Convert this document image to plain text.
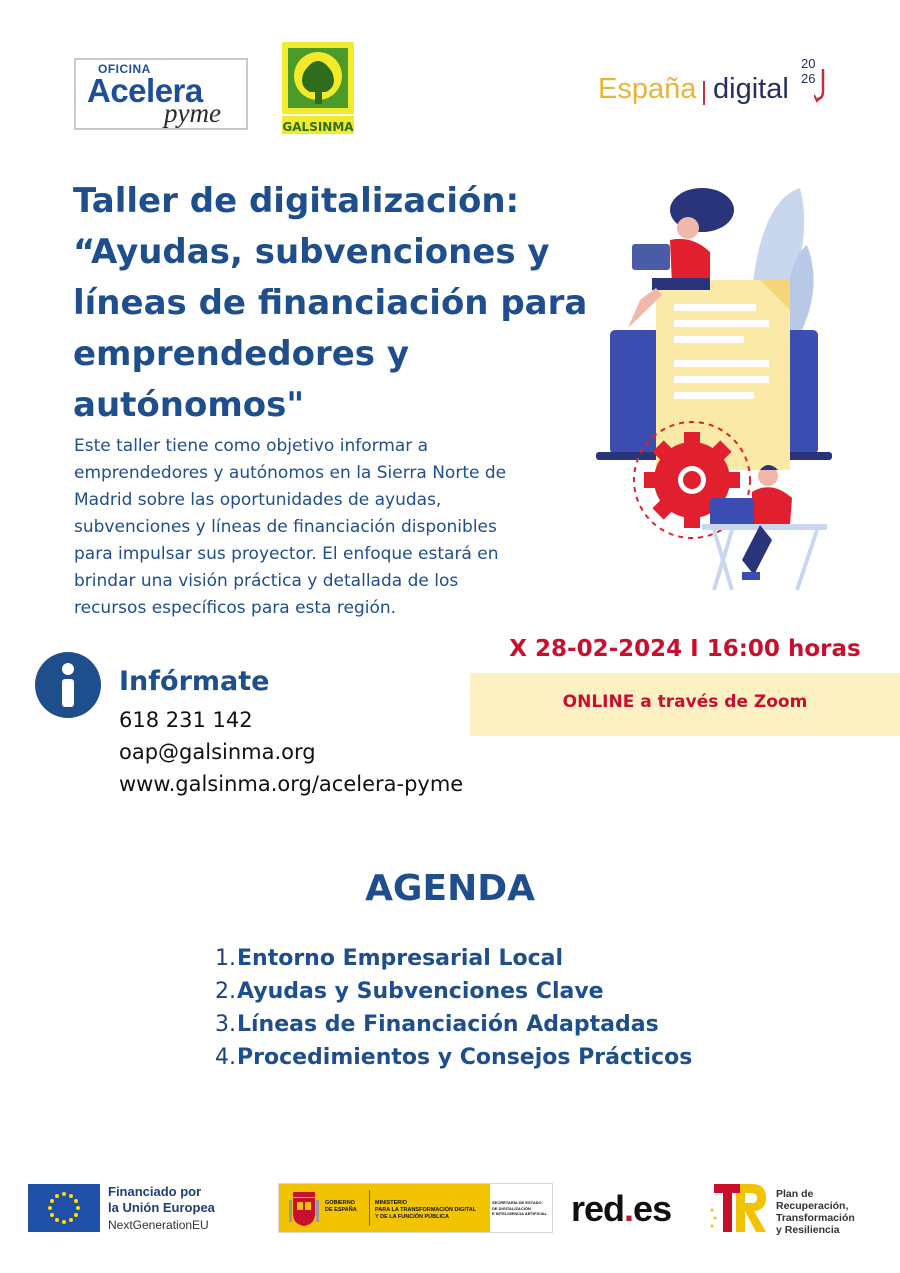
OFICINA
Acelera
pyme	GALSINMA
España digital
20
26
Taller de digitalización:
“Ayudas, subvenciones y
líneas de financiación para
emprendedores y
autónomos"

Este taller tiene como objetivo informar a
emprendedores y autónomos en la Sierra Norte de
Madrid sobre las oportunidades de ayudas,
subvenciones y líneas de financiación disponibles
para impulsar sus proyector. El enfoque estará en
brindar una visión práctica y detallada de los
recursos específicos para esta región.

Infórmate
618 231 142
oap@galsinma.org
www.galsinma.org/acelera-pyme
X 28-02-2024 I 16:00 horas
ONLINE a través de Zoom
AGENDA
1. Entorno Empresarial Local
2. Ayudas y Subvenciones Clave
3. Líneas de Financiación Adaptadas
4. Procedimientos y Consejos Prácticos
Financiado por
la Unión Europea
NextGenerationEU
GOBIERNO
DE ESPAÑA
MINISTERIO
PARA LA TRANSFORMACIÓN DIGITAL
Y DE LA FUNCIÓN PÚBLICA
SECRETARÍA DE ESTADO
DE DIGITALIZACIÓN
E INTELIGENCIA ARTIFICIAL red.es	Plan de
Recuperación,
Transformación
y Resiliencia
